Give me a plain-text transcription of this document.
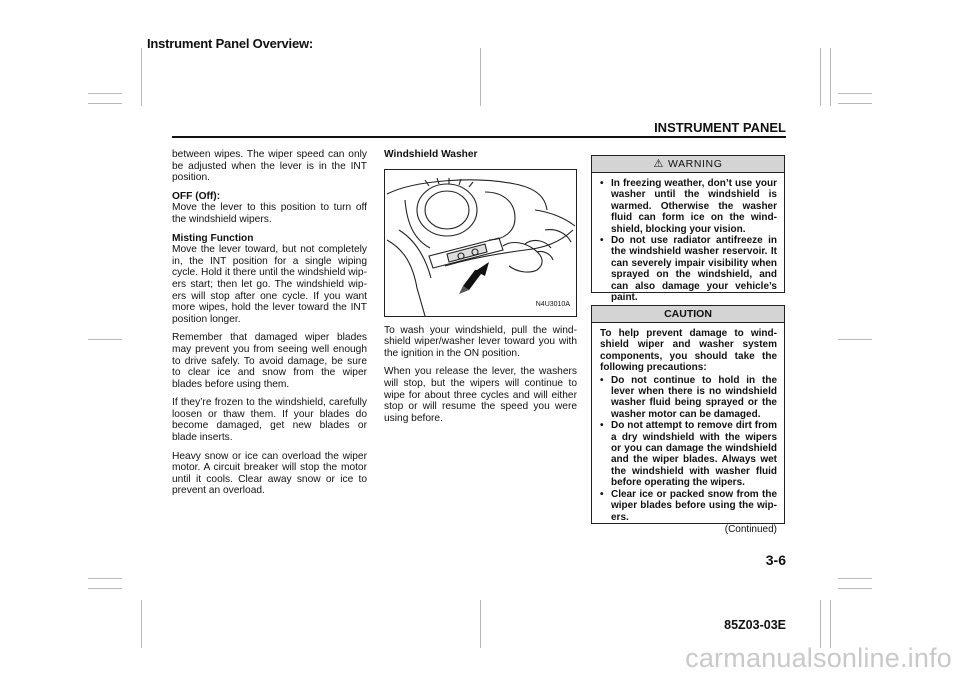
Instrument Panel Overview:
INSTRUMENT PANEL

between wipes. The wiper speed can only be adjusted when the lever is in the INT position.

OFF (Off):

Move the lever to this position to turn off the windshield wipers.

Misting Function

Move the lever toward, but not completely in, the INT position for a single wiping cycle. Hold it there until the windshield wipers start; then let go. The windshield wipers will stop after one cycle. If you want more wipes, hold the lever toward the INT position longer.

Remember that damaged wiper blades may prevent you from seeing well enough to drive safely. To avoid damage, be sure to clear ice and snow from the wiper blades before using them.

If they’re frozen to the windshield, carefully loosen or thaw them. If your blades do become damaged, get new blades or blade inserts.

Heavy snow or ice can overload the wiper motor. A circuit breaker will stop the motor until it cools. Clear away snow or ice to prevent an overload.

Windshield Washer
N4U3010A

To wash your windshield, pull the windshield wiper/washer lever toward you with the ignition in the ON position.

When you release the lever, the washers will stop, but the wipers will continue to wipe for about three cycles and will either stop or will resume the speed you were using before.

⚠ WARNING
• In freezing weather, don’t use your washer until the windshield is warmed. Otherwise the washer fluid can form ice on the windshield, blocking your vision.
• Do not use radiator antifreeze in the windshield washer reservoir. It can severely impair visibility when sprayed on the windshield, and can also damage your vehicle’s paint.
CAUTION

To help prevent damage to windshield wiper and washer system components, you should take the following precautions:

• Do not continue to hold in the lever when there is no windshield washer fluid being sprayed or the washer motor can be damaged.
• Do not attempt to remove dirt from a dry windshield with the wipers or you can damage the windshield and the wiper blades. Always wet the windshield with washer fluid before operating the wipers.
• Clear ice or packed snow from the wiper blades before using the wipers.
(Continued)
3-6
85Z03-03E
carmanualsonline.info
